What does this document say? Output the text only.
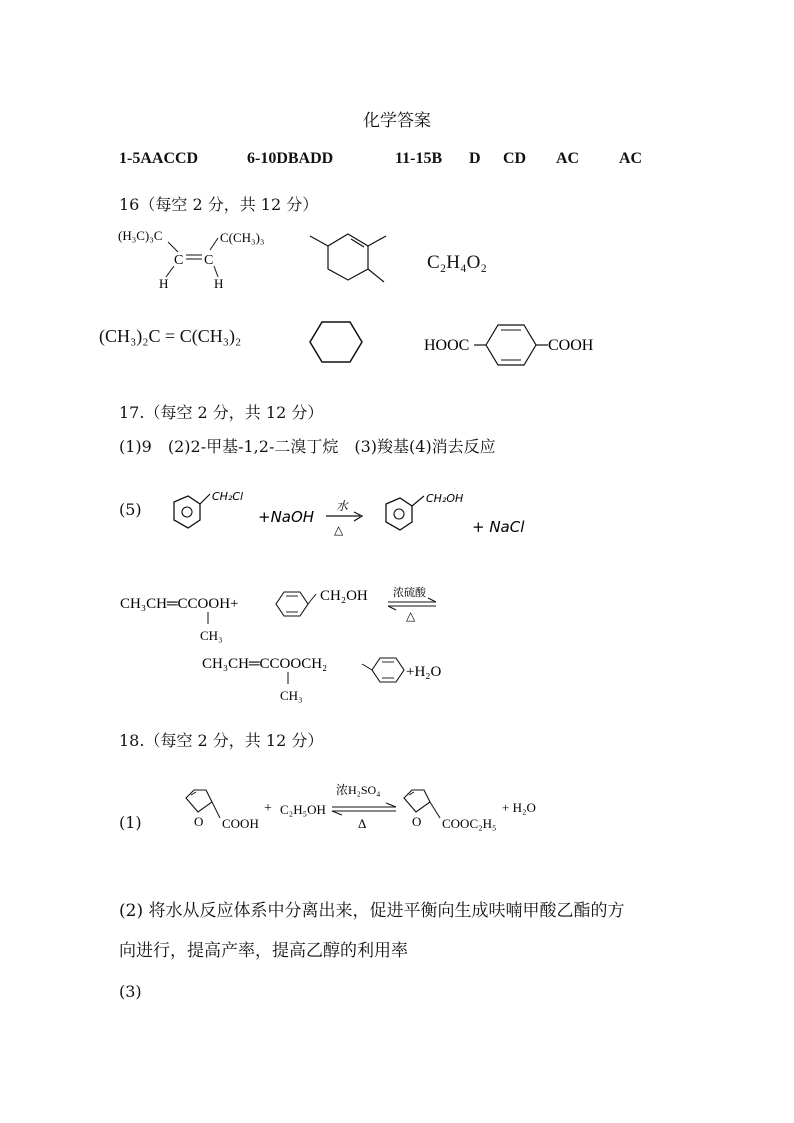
化学答案
1-5AACCD	6-10DBADD	11-15B D CD AC AC
16（每空 2 分，共 12 分）
(H₃C)₃C	C(CH₃)₃
C C
H	H
C₂H₄O₂
(CH₃)₂C = C(CH₃)₂	HOOC	COOH
17.（每空 2 分，共 12 分）
(1)9　(2)2-甲基-1,2-二溴丁烷　(3)羧基(4)消去反应
(5)
CH₂Cl
+NaOH
水
△
CH₂OH
+ NaCl
CH₃CH═CCOOH+	CH₂OH 浓硫酸
△
CH₃
CH₃CH═CCOOCH₂	+H₂O
CH₃
18.（每空 2 分，共 12 分）
(1)	O COOH
+ C₂H₅OH
浓H₂SO₄
Δ	O COOC₂H₅
+ H₂O
(2) 将水从反应体系中分离出来，促进平衡向生成呋喃甲酸乙酯的方
向进行，提高产率，提高乙醇的利用率
(3)
